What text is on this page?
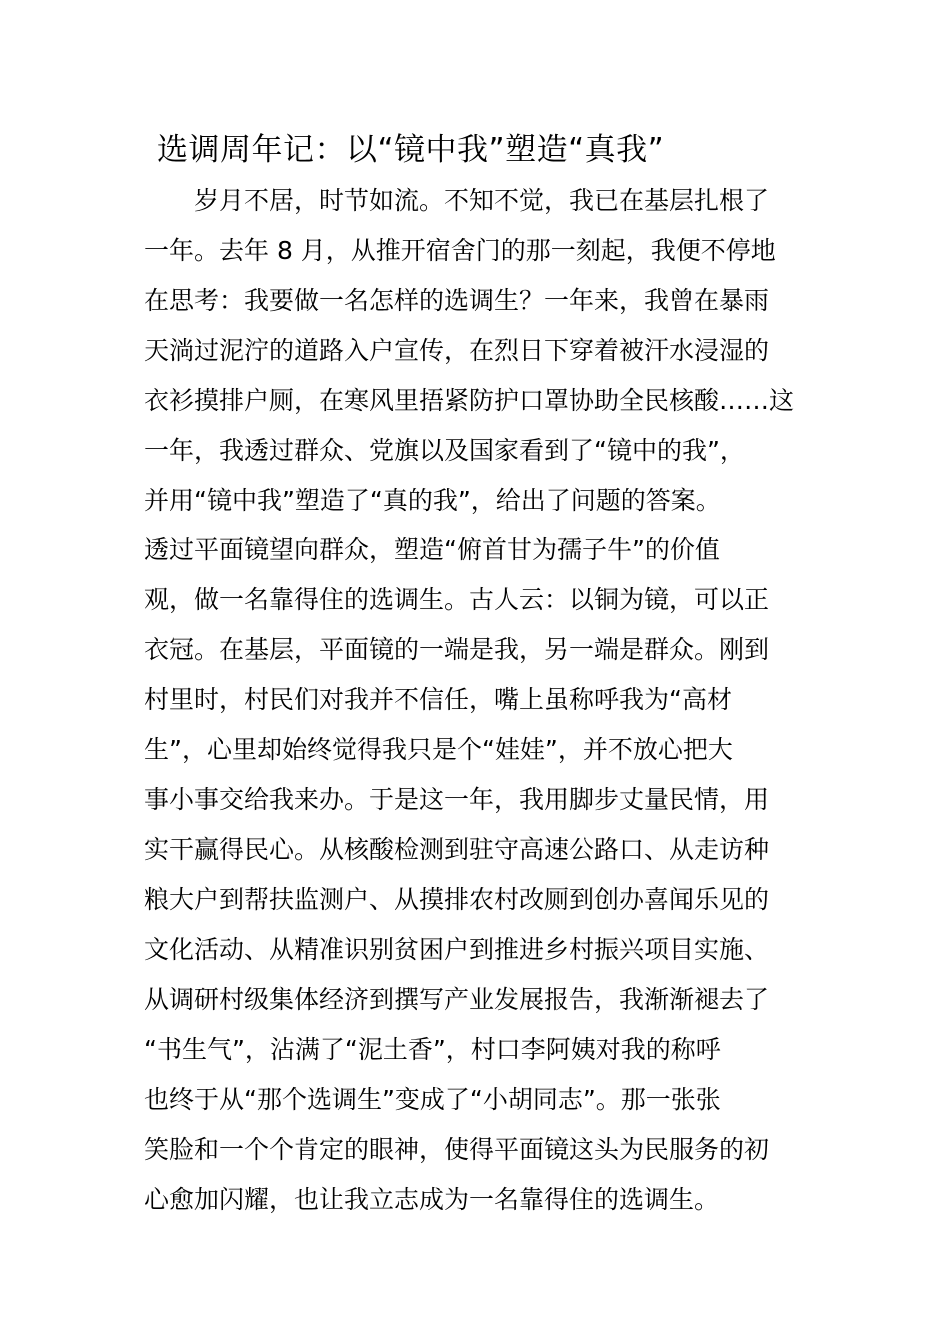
选调周年记：以“镜中我”塑造“真我”
　　岁月不居，时节如流。不知不觉，我已在基层扎根了
一年。去年 8 月，从推开宿舍门的那一刻起，我便不停地
在思考：我要做一名怎样的选调生？一年来，我曾在暴雨
天淌过泥泞的道路入户宣传，在烈日下穿着被汗水浸湿的
衣衫摸排户厕，在寒风里捂紧防护口罩协助全民核酸……这
一年，我透过群众、党旗以及国家看到了“镜中的我”，
并用“镜中我”塑造了“真的我”，给出了问题的答案。
透过平面镜望向群众，塑造“俯首甘为孺子牛”的价值
观，做一名靠得住的选调生。古人云：以铜为镜，可以正
衣冠。在基层，平面镜的一端是我，另一端是群众。刚到
村里时，村民们对我并不信任，嘴上虽称呼我为“高材
生”，心里却始终觉得我只是个“娃娃”，并不放心把大
事小事交给我来办。于是这一年，我用脚步丈量民情，用
实干赢得民心。从核酸检测到驻守高速公路口、从走访种
粮大户到帮扶监测户、从摸排农村改厕到创办喜闻乐见的
文化活动、从精准识别贫困户到推进乡村振兴项目实施、
从调研村级集体经济到撰写产业发展报告，我渐渐褪去了
“书生气”，沾满了“泥土香”，村口李阿姨对我的称呼
也终于从“那个选调生”变成了“小胡同志”。那一张张
笑脸和一个个肯定的眼神，使得平面镜这头为民服务的初
心愈加闪耀，也让我立志成为一名靠得住的选调生。
